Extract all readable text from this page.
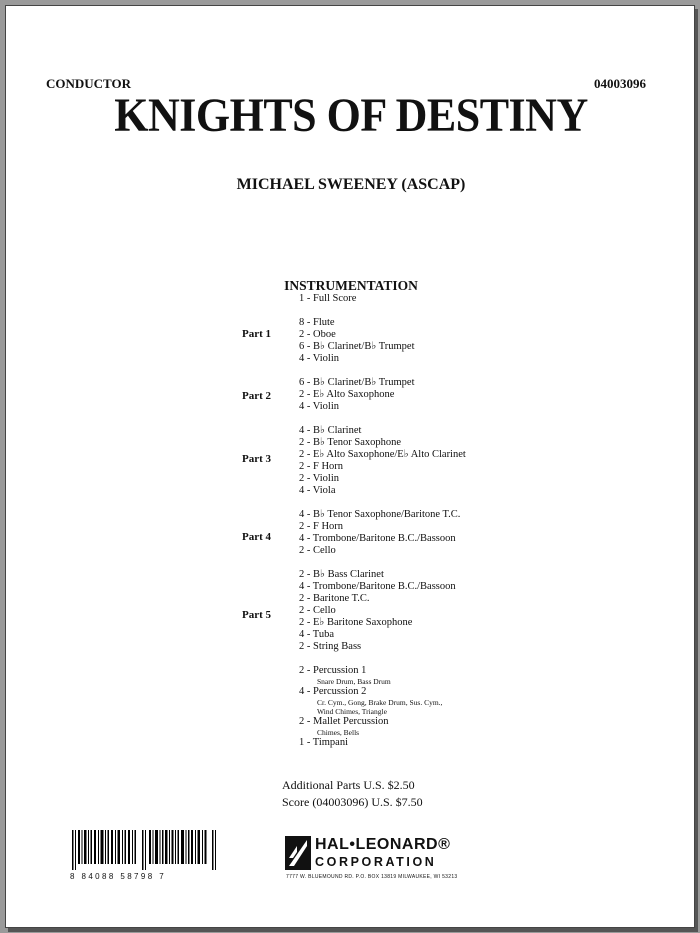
CONDUCTOR	04003096
KNIGHTS OF DESTINY
MICHAEL SWEENEY (ASCAP)
INSTRUMENTATION
1 - Full Score
Part 1
8 - Flute
2 - Oboe
6 - B♭ Clarinet/B♭ Trumpet
4 - Violin
Part 2
6 - B♭ Clarinet/B♭ Trumpet
2 - E♭ Alto Saxophone
4 - Violin
Part 3
4 - B♭ Clarinet
2 - B♭ Tenor Saxophone
2 - E♭ Alto Saxophone/E♭ Alto Clarinet
2 - F Horn
2 - Violin
4 - Viola
Part 4
4 - B♭ Tenor Saxophone/Baritone T.C.
2 - F Horn
4 - Trombone/Baritone B.C./Bassoon
2 - Cello
Part 5
2 - B♭ Bass Clarinet
4 - Trombone/Baritone B.C./Bassoon
2 - Baritone T.C.
2 - Cello
2 - E♭ Baritone Saxophone
4 - Tuba
2 - String Bass
2 - Percussion 1
Snare Drum, Bass Drum
4 - Percussion 2
Cr. Cym., Gong, Brake Drum, Sus. Cym.,
Wind Chimes, Triangle
2 - Mallet Percussion
Chimes, Bells
1 - Timpani
Additional Parts U.S. $2.50
Score (04003096) U.S. $7.50
8 84088 58798 7
HAL•LEONARD®
CORPORATION
7777 W. BLUEMOUND RD. P.O. BOX 13819 MILWAUKEE, WI 53213
